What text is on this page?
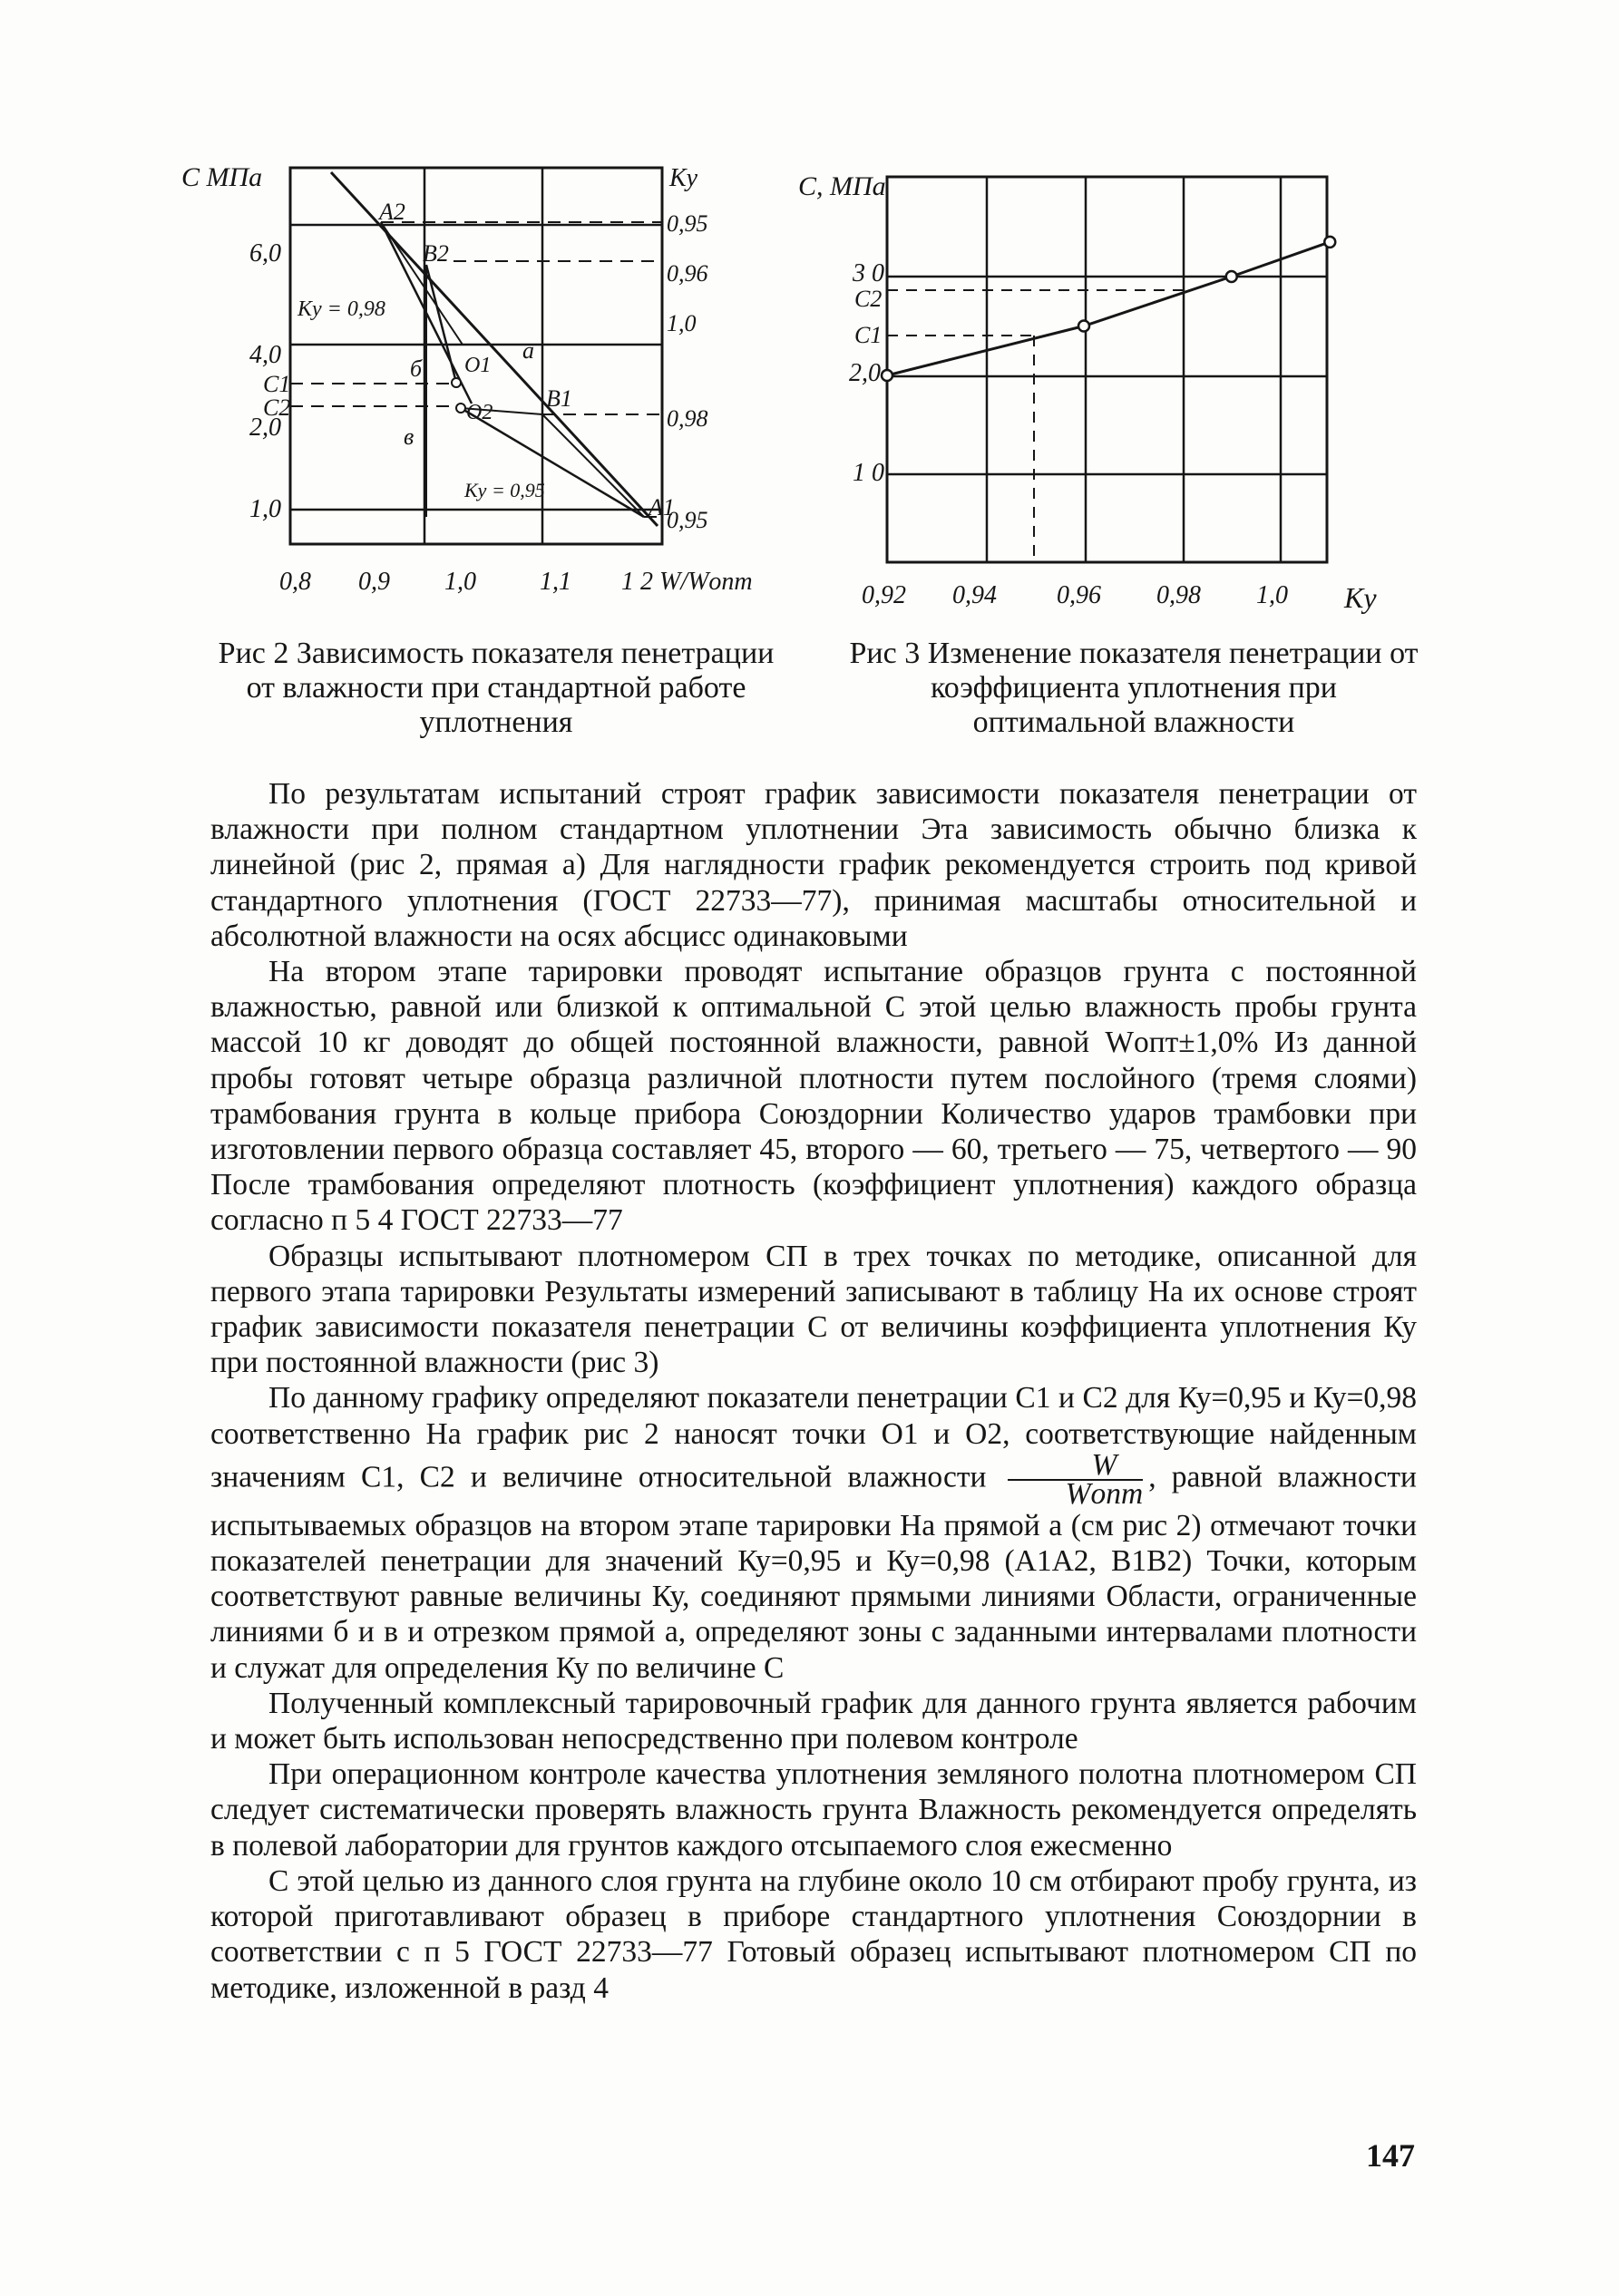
С МПа	Ky
6,0
4,0
2,0
1,0
C1
C2
0,95
0,96
1,0
0,98
0,95
0,8 0,9 1,0	1,1 1 2 W/Wопт
A2
B2
O1
O2
B1
A1
a
б
в
Ky = 0,98
Ky = 0,95
Рис 2 Зависимость показателя пенетрации от влажности при стандартной работе уплотнения
С, МПа
3 0
C2
C1
2,0
1 0
0,92 0,94 0,96 0,98 1,0 Ky
Рис 3 Изменение показателя пенетрации от коэффициента уплотнения при оптимальной влажности

По результатам испытаний строят график зависимости показателя пенетрации от влажности при полном стандартном уплотнении Эта зависимость обычно близка к линейной (рис 2, прямая а) Для наглядности график рекомендуется строить под кривой стандартного уплотнения (ГОСТ 22733—77), принимая масштабы относительной и абсолютной влажности на осях абсцисс одинаковыми

На втором этапе тарировки проводят испытание образцов грунта с постоянной влажностью, равной или близкой к оптимальной С этой целью влажность пробы грунта массой 10 кг доводят до общей постоянной влажности, равной Wопт±1,0% Из данной пробы готовят четыре образца различной плотности путем послойного (тремя слоями) трамбования грунта в кольце прибора Союздорнии Количество ударов трамбовки при изготовлении первого образца составляет 45, второго — 60, третьего — 75, четвертого — 90 После трамбования определяют плотность (коэффициент уплотнения) каждого образца согласно п 5 4 ГОСТ 22733—77

Образцы испытывают плотномером СП в трех точках по методике, описанной для первого этапа тарировки Результаты измерений записывают в таблицу На их основе строят график зависимости показателя пенетрации С от величины коэффициента уплотнения Ку при постоянной влажности (рис 3)

По данному графику определяют показатели пенетрации С1 и С2 для Ку=0,95 и Ку=0,98 соответственно На график рис 2 наносят точки О1 и О2, соответствующие найденным значениям С1, С2 и величине относительной влажности $\frac{W}{\text{Wопт}}$ , равной влажности испытываемых образцов на втором этапе тарировки На прямой а (см рис 2) отмечают точки показателей пенетрации для значений Ку=0,95 и Ку=0,98 (А1А2, В1В2) Точки, которым соответствуют равные величины Ку, соединяют прямыми линиями Области, ограниченные линиями б и в и отрезком прямой а, определяют зоны с заданными интервалами плотности и служат для определения Ку по величине С

Полученный комплексный тарировочный график для данного грунта является рабочим и может быть использован непосредственно при полевом контроле

При операционном контроле качества уплотнения земляного полотна плотномером СП следует систематически проверять влажность грунта Влажность рекомендуется определять в полевой лаборатории для грунтов каждого отсыпаемого слоя ежесменно

С этой целью из данного слоя грунта на глубине около 10 см отбирают пробу грунта, из которой приготавливают образец в приборе стандартного уплотнения Союздорнии в соответствии с п 5 ГОСТ 22733—77 Готовый образец испытывают плотномером СП по методике, изложенной в разд 4

147
